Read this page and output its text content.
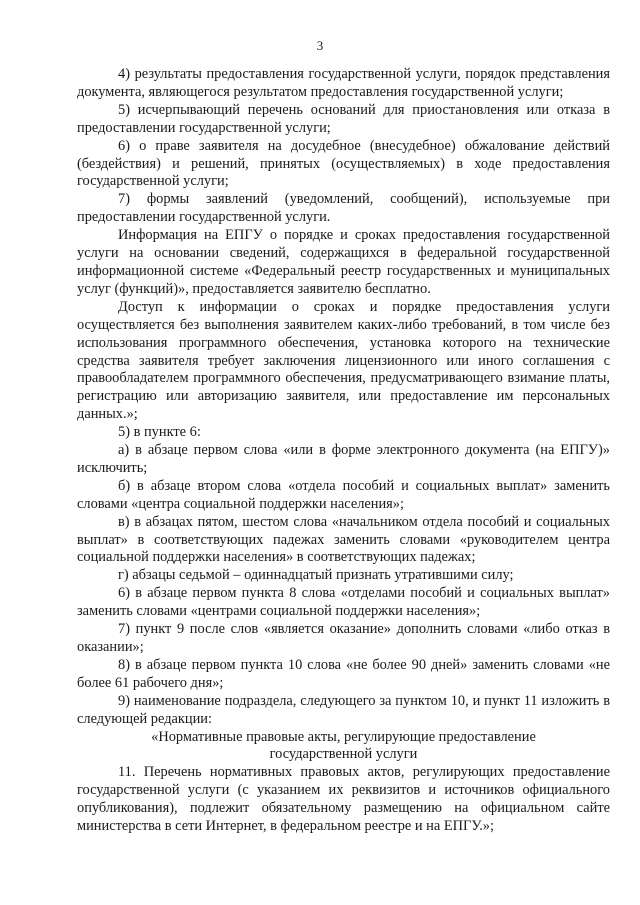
3

4) результаты предоставления государственной услуги, порядок представления документа, являющегося результатом предоставления государственной услуги;

5) исчерпывающий перечень оснований для приостановления или отказа в предоставлении государственной услуги;

6) о праве заявителя на досудебное (внесудебное) обжалование действий (бездействия) и решений, принятых (осуществляемых) в ходе предоставления государственной услуги;

7) формы заявлений (уведомлений, сообщений), используемые при предоставлении государственной услуги.

Информация на ЕПГУ о порядке и сроках предоставления государственной услуги на основании сведений, содержащихся в федеральной государственной информационной системе «Федеральный реестр государственных и муниципальных услуг (функций)», предоставляется заявителю бесплатно.

Доступ к информации о сроках и порядке предоставления услуги осуществляется без выполнения заявителем каких-либо требований, в том числе без использования программного обеспечения, установка которого на технические средства заявителя требует заключения лицензионного или иного соглашения с правообладателем программного обеспечения, предусматривающего взимание платы, регистрацию или авторизацию заявителя, или предоставление им персональных данных.»;

5) в пункте 6:

а) в абзаце первом слова «или в форме электронного документа (на ЕПГУ)» исключить;

б) в абзаце втором слова «отдела пособий и социальных выплат» заменить словами «центра социальной поддержки населения»;

в) в абзацах пятом, шестом слова «начальником отдела пособий и социальных выплат» в соответствующих падежах заменить словами «руководителем центра социальной поддержки населения» в соответствующих падежах;

г) абзацы седьмой – одиннадцатый признать утратившими силу;

6) в абзаце первом пункта 8 слова «отделами пособий и социальных выплат» заменить словами «центрами социальной поддержки населения»;

7) пункт 9 после слов «является оказание» дополнить словами «либо отказ в оказании»;

8) в абзаце первом пункта 10 слова «не более 90 дней» заменить словами «не более 61 рабочего дня»;

9) наименование подраздела, следующего за пунктом 10, и пункт 11 изложить в следующей редакции:

«Нормативные правовые акты, регулирующие предоставление государственной услуги

11. Перечень нормативных правовых актов, регулирующих предоставление государственной услуги (с указанием их реквизитов и источников официального опубликования), подлежит обязательному размещению на официальном сайте министерства в сети Интернет, в федеральном реестре и на ЕПГУ.»;
